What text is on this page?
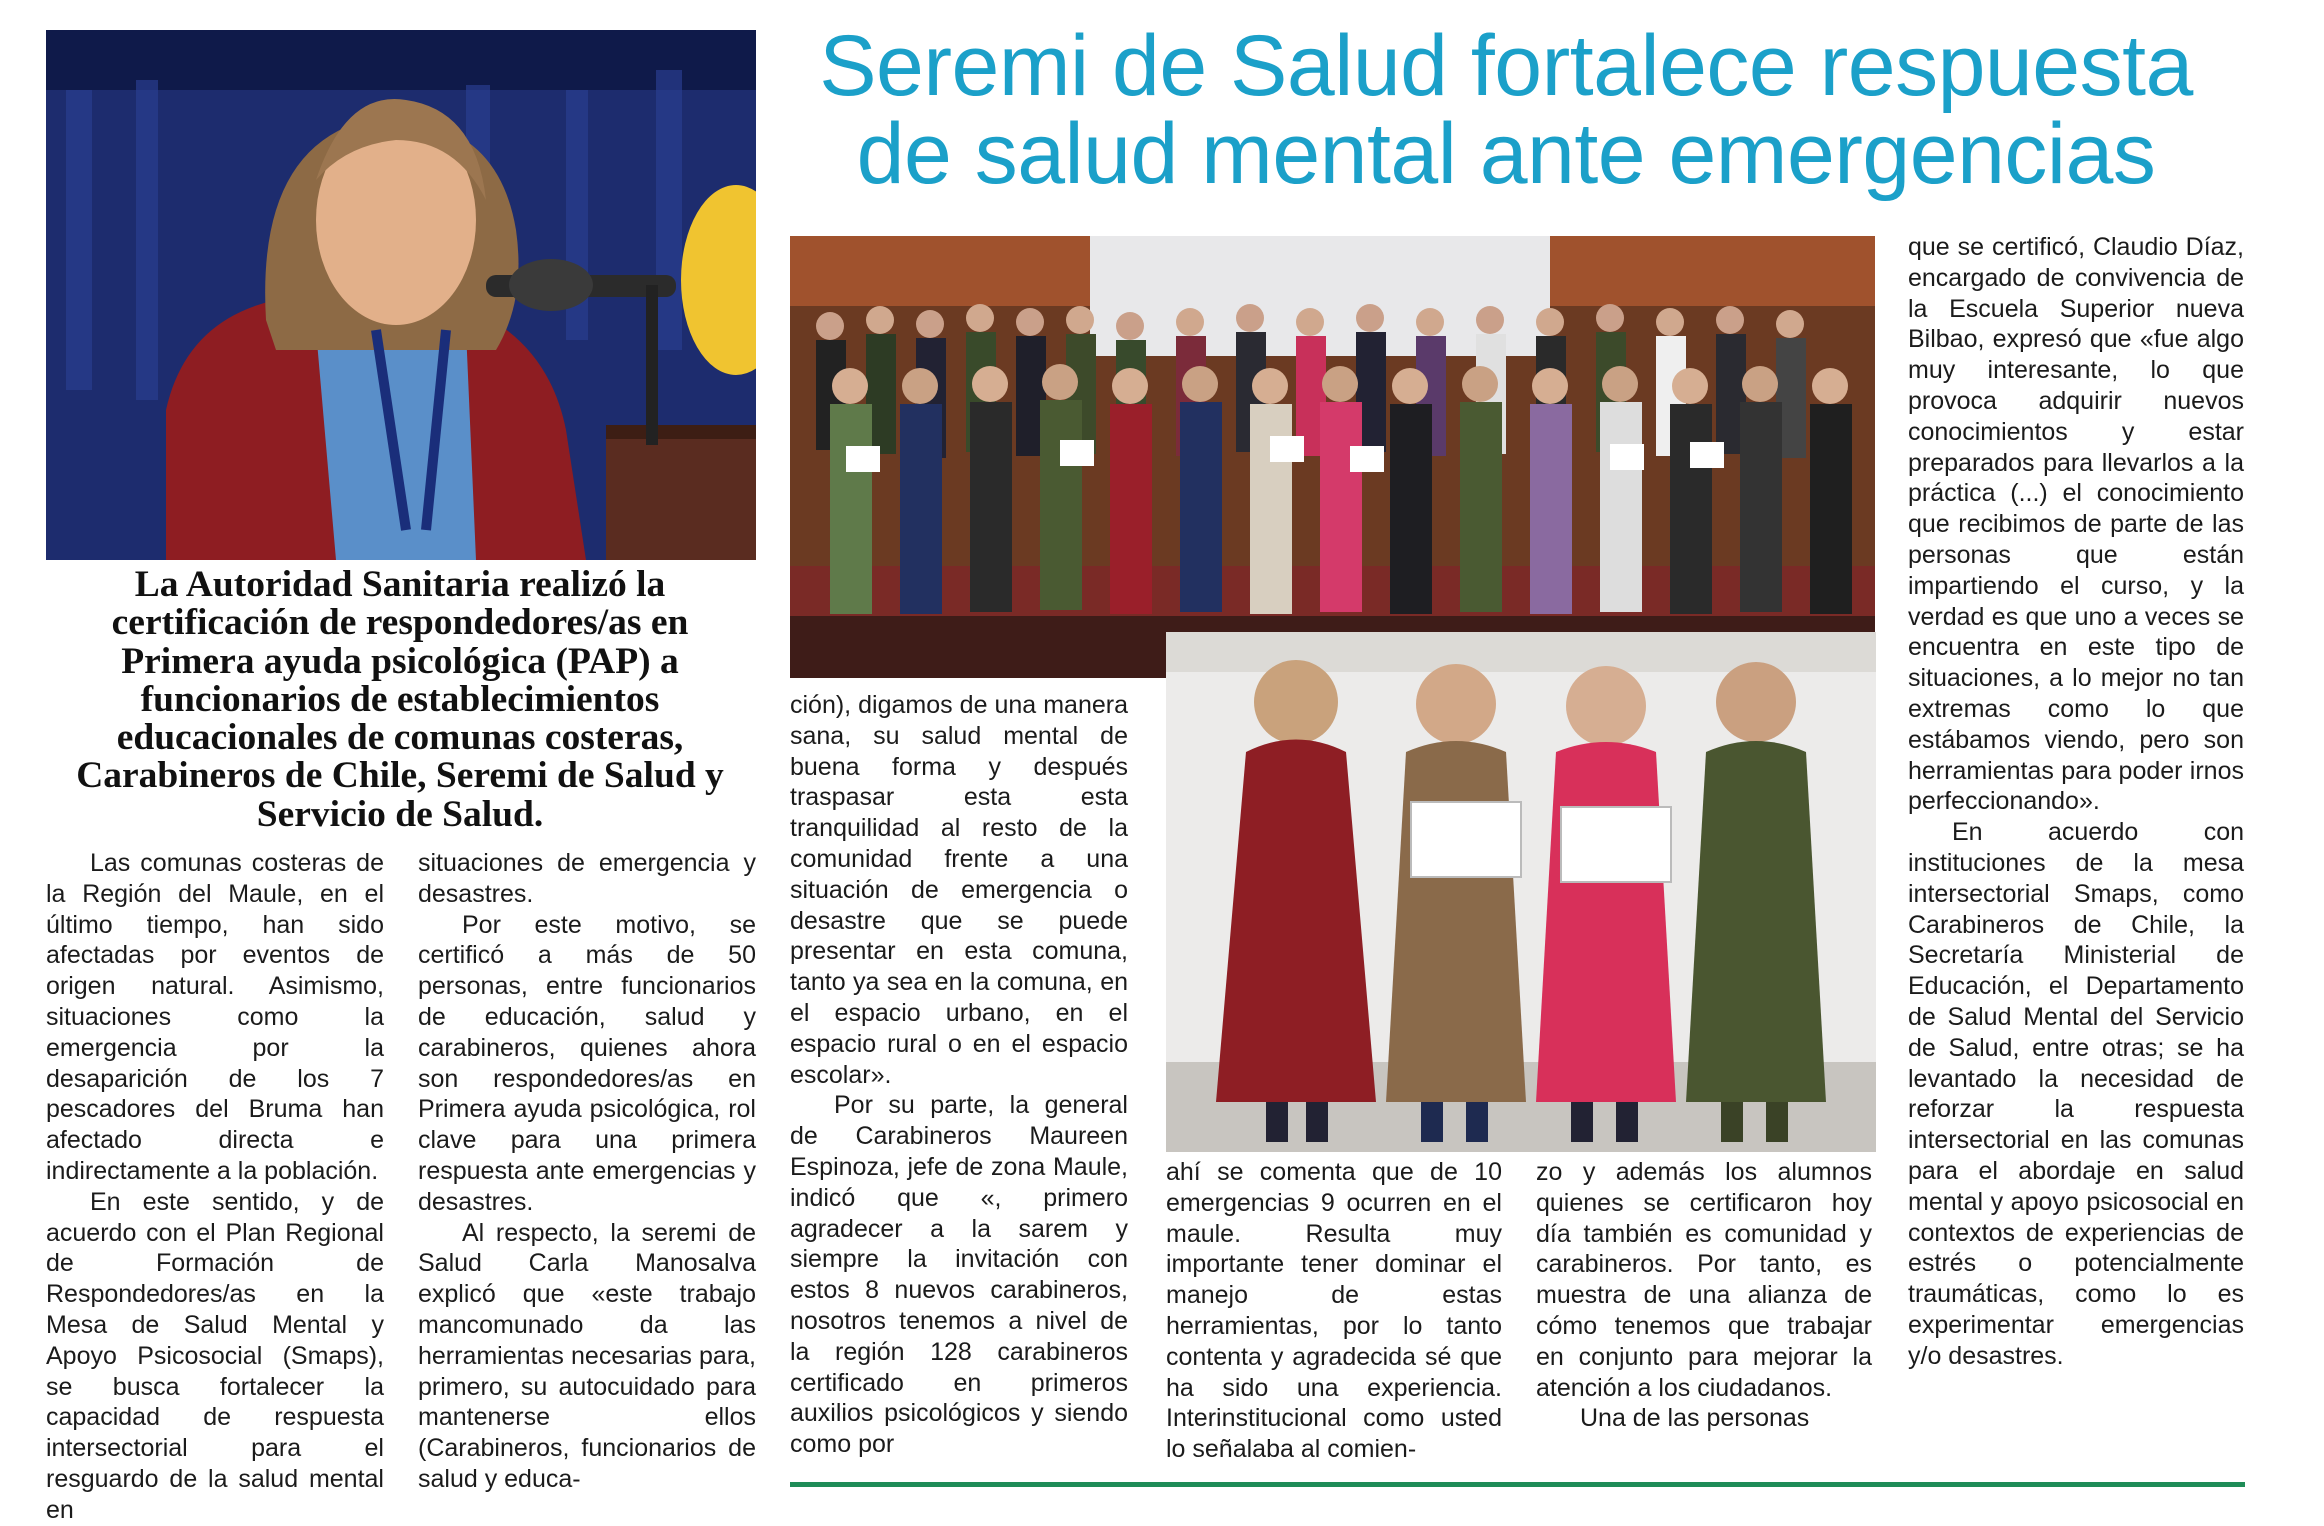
Seremi de Salud fortalece respuesta
de salud mental ante emergencias
La Autoridad Sanitaria realizó la certificación de respondedores/as en Primera ayuda psicológica (PAP) a funcionarios de establecimientos educacionales de comunas costeras, Carabineros de Chile, Seremi de Salud y Servicio de Salud.

Las comunas costeras de la Región del Maule, en el último tiempo, han sido afectadas por eventos de origen natural. Asimismo, situaciones como la emergencia por la desaparición de los 7 pescadores del Bruma han afectado directa e indirectamente a la población.

En este sentido, y de acuerdo con el Plan Regional de Formación de Respondedores/as en la Mesa de Salud Mental y Apoyo Psicosocial (Smaps), se busca fortalecer la capacidad de respuesta intersectorial para el resguardo de la salud mental en

situaciones de emergencia y desastres.

Por este motivo, se certificó a más de 50 personas, entre funcionarios de educación, salud y carabineros, quienes ahora son respondedores/as en Primera ayuda psicológica, rol clave para una primera respuesta ante emergencias y desastres.

Al respecto, la seremi de Salud Carla Manosalva explicó que «este trabajo mancomunado da las herramientas necesarias para, primero, su autocuidado para mantenerse ellos (Carabineros, funcionarios de salud y educa-

ción), digamos de una manera sana, su salud mental de buena forma y después traspasar esta esta tranquilidad al resto de la comunidad frente a una situación de emergencia o desastre que se puede presentar en esta comuna, tanto ya sea en la comuna, en el espacio urbano, en el espacio rural o en el espacio escolar».

Por su parte, la general de Carabineros Maureen Espinoza, jefe de zona Maule, indicó que «, primero agradecer a la sarem y siempre la invitación con estos 8 nuevos carabineros, nosotros tenemos a nivel de la región 128 carabineros certificado en primeros auxilios psicológicos y siendo como por

ahí se comenta que de 10 emergencias 9 ocurren en el maule. Resulta muy importante tener dominar el manejo de estas herramientas, por lo tanto contenta y agradecida sé que ha sido una experiencia. Interinstitucional como usted lo señalaba al comien-

zo y además los alumnos quienes se certificaron hoy día también es comunidad y carabineros. Por tanto, es muestra de una alianza de cómo tenemos que trabajar en conjunto para mejorar la atención a los ciudadanos.

Una de las personas

que se certificó, Claudio Díaz, encargado de convivencia de la Escuela Superior nueva Bilbao, expresó que «fue algo muy interesante, lo que provoca adquirir nuevos conocimientos y estar preparados para llevarlos a la práctica (...) el conocimiento que recibimos de parte de las personas que están impartiendo el curso, y la verdad es que uno a veces se encuentra en este tipo de situaciones, a lo mejor no tan extremas como lo que estábamos viendo, pero son herramientas para poder irnos perfeccionando».

En acuerdo con instituciones de la mesa intersectorial Smaps, como Carabineros de Chile, la Secretaría Ministerial de Educación, el Departamento de Salud Mental del Servicio de Salud, entre otras; se ha levantado la necesidad de reforzar la respuesta intersectorial en las comunas para el abordaje en salud mental y apoyo psicosocial en contextos de experiencias de estrés o potencialmente traumáticas, como lo es experimentar emergencias y/o desastres.
